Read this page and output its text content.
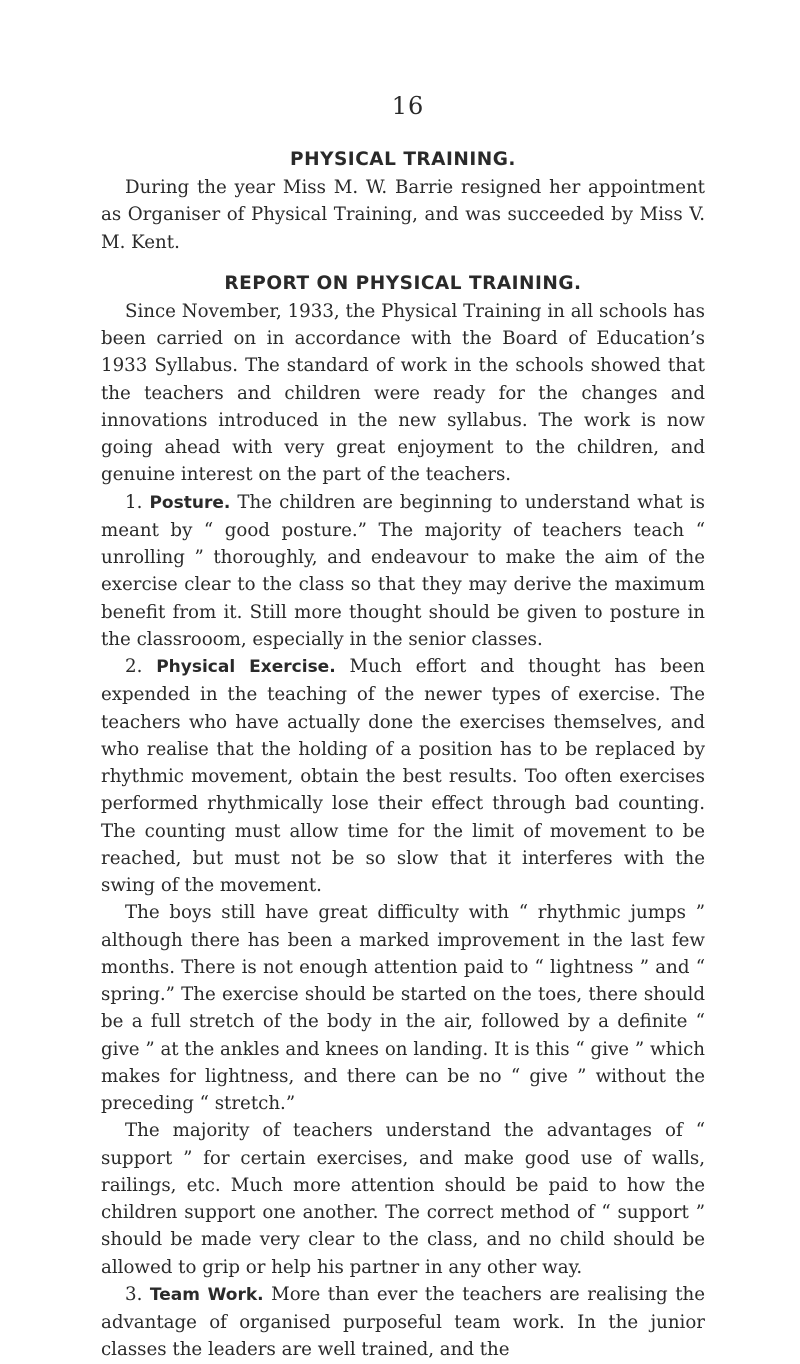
16
PHYSICAL TRAINING.

During the year Miss M. W. Barrie resigned her appointment as Organiser of Physical Training, and was succeeded by Miss V. M. Kent.

REPORT ON PHYSICAL TRAINING.

Since November, 1933, the Physical Training in all schools has been carried on in accordance with the Board of Education’s 1933 Syllabus. The standard of work in the schools showed that the teachers and children were ready for the changes and innovations introduced in the new syllabus. The work is now going ahead with very great enjoyment to the children, and genuine interest on the part of the teachers.

1. Posture. The children are beginning to understand what is meant by “ good posture.” The majority of teachers teach “ unrolling ” thoroughly, and endeavour to make the aim of the exercise clear to the class so that they may derive the maximum benefit from it. Still more thought should be given to posture in the classrooom, especially in the senior classes.

2. Physical Exercise. Much effort and thought has been expended in the teaching of the newer types of exercise. The teachers who have actually done the exercises themselves, and who realise that the holding of a position has to be replaced by rhythmic movement, obtain the best results. Too often exercises performed rhythmically lose their effect through bad counting. The counting must allow time for the limit of movement to be reached, but must not be so slow that it interferes with the swing of the movement.

The boys still have great difficulty with “ rhythmic jumps ” although there has been a marked improvement in the last few months. There is not enough attention paid to “ lightness ” and “ spring.” The exercise should be started on the toes, there should be a full stretch of the body in the air, followed by a definite “ give ” at the ankles and knees on landing. It is this “ give ” which makes for lightness, and there can be no “ give ” without the preceding “ stretch.”

The majority of teachers understand the advantages of “ support ” for certain exercises, and make good use of walls, railings, etc. Much more attention should be paid to how the children support one another. The correct method of “ support ” should be made very clear to the class, and no child should be allowed to grip or help his partner in any other way.

3. Team Work. More than ever the teachers are realising the advantage of organised purposeful team work. In the junior classes the leaders are well trained, and the
